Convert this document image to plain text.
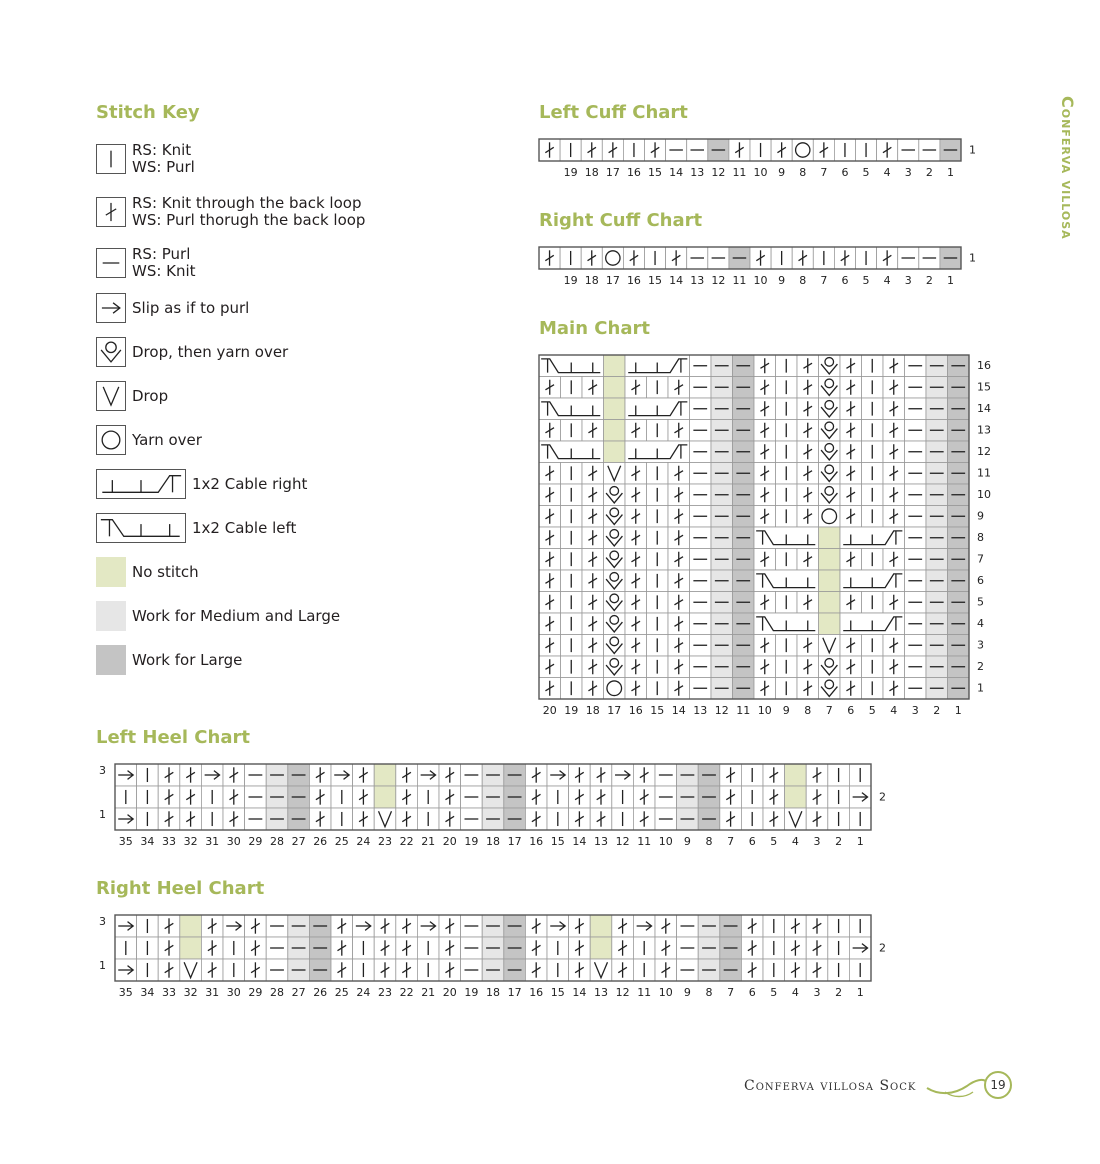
Conferva villosa
Stitch Key
RS: Knit
WS: Purl
RS: Knit through the back loop
WS: Purl thorugh the back loop
RS: Purl
WS: Knit
Slip as if to purl
Drop, then yarn over
Drop
Yarn over
1x2 Cable right
1x2 Cable left
No stitch
Work for Medium and Large
Work for Large
Left Cuff Chart
1
19 18 17 16 15 14 13 12 11 10 9 8 7 6 5 4 3 2 1
Right Cuff Chart
1
19 18 17 16 15 14 13 12 11 10 9 8 7 6 5 4 3 2 1
Main Chart
16
15
14
13
12
11
10
9
8
7
6
5
4
3
2
1
20 19 18 17 16 15 14 13 12 11 10 9 8 7 6 5 4 3 2 1
Left Heel Chart
3
2
1
35 34 33 32 31 30 29 28 27 26 25 24 23 22 21 20 19 18 17 16 15 14 13 12 11 10 9 8 7 6 5 4 3 2 1
Right Heel Chart
3
2
1
35 34 33 32 31 30 29 28 27 26 25 24 23 22 21 20 19 18 17 16 15 14 13 12 11 10 9 8 7 6 5 4 3 2 1
Conferva villosa Sock	19
